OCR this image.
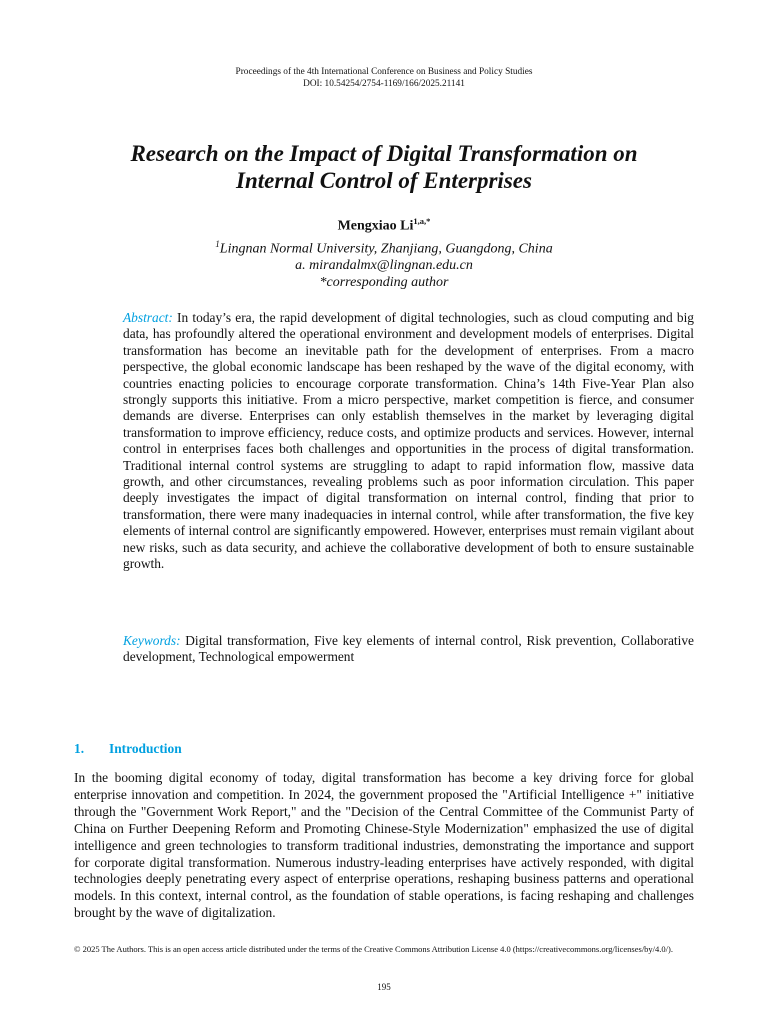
Proceedings of the 4th International Conference on Business and Policy Studies
DOI: 10.54254/2754-1169/166/2025.21141
Research on the Impact of Digital Transformation on
Internal Control of Enterprises
Mengxiao $Li^{1,a,*}$
$^1$Lingnan Normal University, Zhanjiang, Guangdong, China
a. mirandalmx@lingnan.edu.cn
*corresponding author
Abstract: In today’s era, the rapid development of digital technologies, such as cloud computing and big data, has profoundly altered the operational environment and development models of enterprises. Digital transformation has become an inevitable path for the development of enterprises. From a macro perspective, the global economic landscape has been reshaped by the wave of the digital economy, with countries enacting policies to encourage corporate transformation. China’s 14th Five-Year Plan also strongly supports this initiative. From a micro perspective, market competition is fierce, and consumer demands are diverse. Enterprises can only establish themselves in the market by leveraging digital transformation to improve efficiency, reduce costs, and optimize products and services. However, internal control in enterprises faces both challenges and opportunities in the process of digital transformation. Traditional internal control systems are struggling to adapt to rapid information flow, massive data growth, and other circumstances, revealing problems such as poor information circulation. This paper deeply investigates the impact of digital transformation on internal control, finding that prior to transformation, there were many inadequacies in internal control, while after transformation, the five key elements of internal control are significantly empowered. However, enterprises must remain vigilant about new risks, such as data security, and achieve the collaborative development of both to ensure sustainable growth.
Keywords: Digital transformation, Five key elements of internal control, Risk prevention, Collaborative development, Technological empowerment
1. Introduction
In the booming digital economy of today, digital transformation has become a key driving force for global enterprise innovation and competition. In 2024, the government proposed the "Artificial Intelligence +" initiative through the "Government Work Report," and the "Decision of the Central Committee of the Communist Party of China on Further Deepening Reform and Promoting Chinese-Style Modernization" emphasized the use of digital intelligence and green technologies to transform traditional industries, demonstrating the importance and support for corporate digital transformation. Numerous industry-leading enterprises have actively responded, with digital technologies deeply penetrating every aspect of enterprise operations, reshaping business patterns and operational models. In this context, internal control, as the foundation of stable operations, is facing reshaping and challenges brought by the wave of digitalization.
© 2025 The Authors. This is an open access article distributed under the terms of the Creative Commons Attribution License 4.0 (https://creativecommons.org/licenses/by/4.0/).
195
